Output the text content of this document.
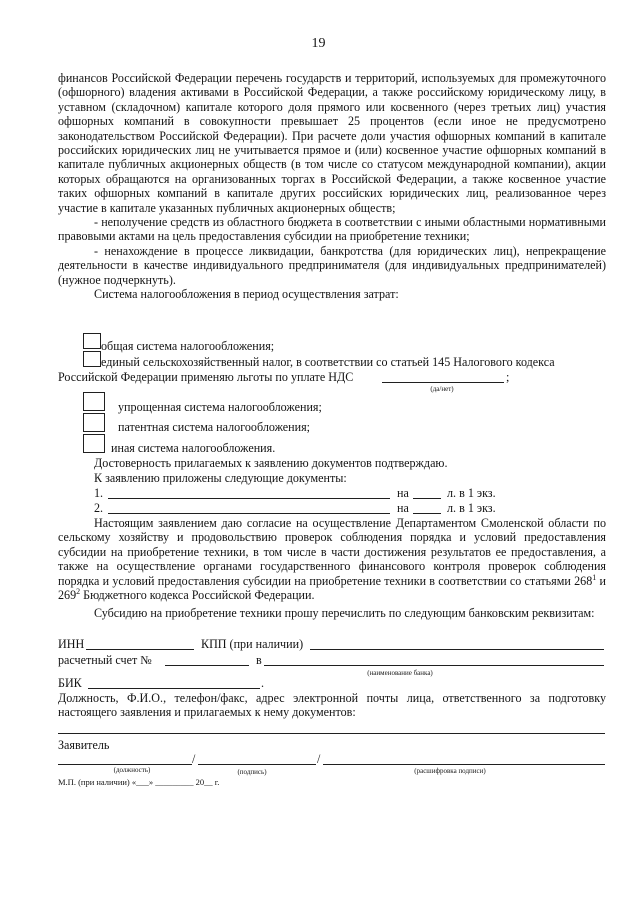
19

финансов Российской Федерации перечень государств и территорий, используемых для промежуточного (офшорного) владения активами в Российской Федерации, а также российскому юридическому лицу, в уставном (складочном) капитале которого доля прямого или косвенного (через третьих лиц) участия офшорных компаний в совокупности превышает 25 процентов (если иное не предусмотрено законодательством Российской Федерации). При расчете доли участия офшорных компаний в капитале российских юридических лиц не учитывается прямое и (или) косвенное участие офшорных компаний в капитале публичных акционерных обществ (в том числе со статусом международной компании), акции которых обращаются на организованных торгах в Российской Федерации, а также косвенное участие таких офшорных компаний в капитале других российских юридических лиц, реализованное через участие в капитале указанных публичных акционерных обществ;

- неполучение средств из областного бюджета в соответствии с иными областными нормативными правовыми актами на цель предоставления субсидии на приобретение техники;

- ненахождение в процессе ликвидации, банкротства (для юридических лиц), непрекращение деятельности в качестве индивидуального предпринимателя (для индивидуальных предпринимателей) (нужное подчеркнуть).

Система налогообложения в период осуществления затрат:

общая система налогообложения;
единый сельскохозяйственный налог, в соответствии со статьей 145 Налогового кодекса
Российской Федерации применяю льготы по уплате НДС	;
(да/нет)
упрощенная система налогообложения;
патентная система налогообложения;
иная система налогообложения.
Достоверность прилагаемых к заявлению документов подтверждаю.
К заявлению приложены следующие документы:
1.	на	л. в 1 экз.
2.	на	л. в 1 экз.
Настоящим заявлением даю согласие на осуществление Департаментом Смоленской области по сельскому хозяйству и продовольствию проверок соблюдения порядка и условий предоставления субсидии на приобретение техники, в том числе в части достижения результатов ее предоставления, а также на осуществление органами государственного финансового контроля проверок соблюдения порядка и условий предоставления субсидии на приобретение техники в соответствии со статьями $268^1$ и $269^2$ Бюджетного кодекса Российской Федерации.
Субсидию на приобретение техники прошу перечислить по следующим банковским реквизитам:
ИНН	КПП (при наличии)
расчетный счет №	в
(наименование банка)
БИК	.
Должность, Ф.И.О., телефон/факс, адрес электронной почты лица, ответственного за подготовку настоящего заявления и прилагаемых к нему документов:
Заявитель
/	/
(должность)	(подпись)	(расшифровка подписи)
М.П. (при наличии) «___» _________ 20__ г.
